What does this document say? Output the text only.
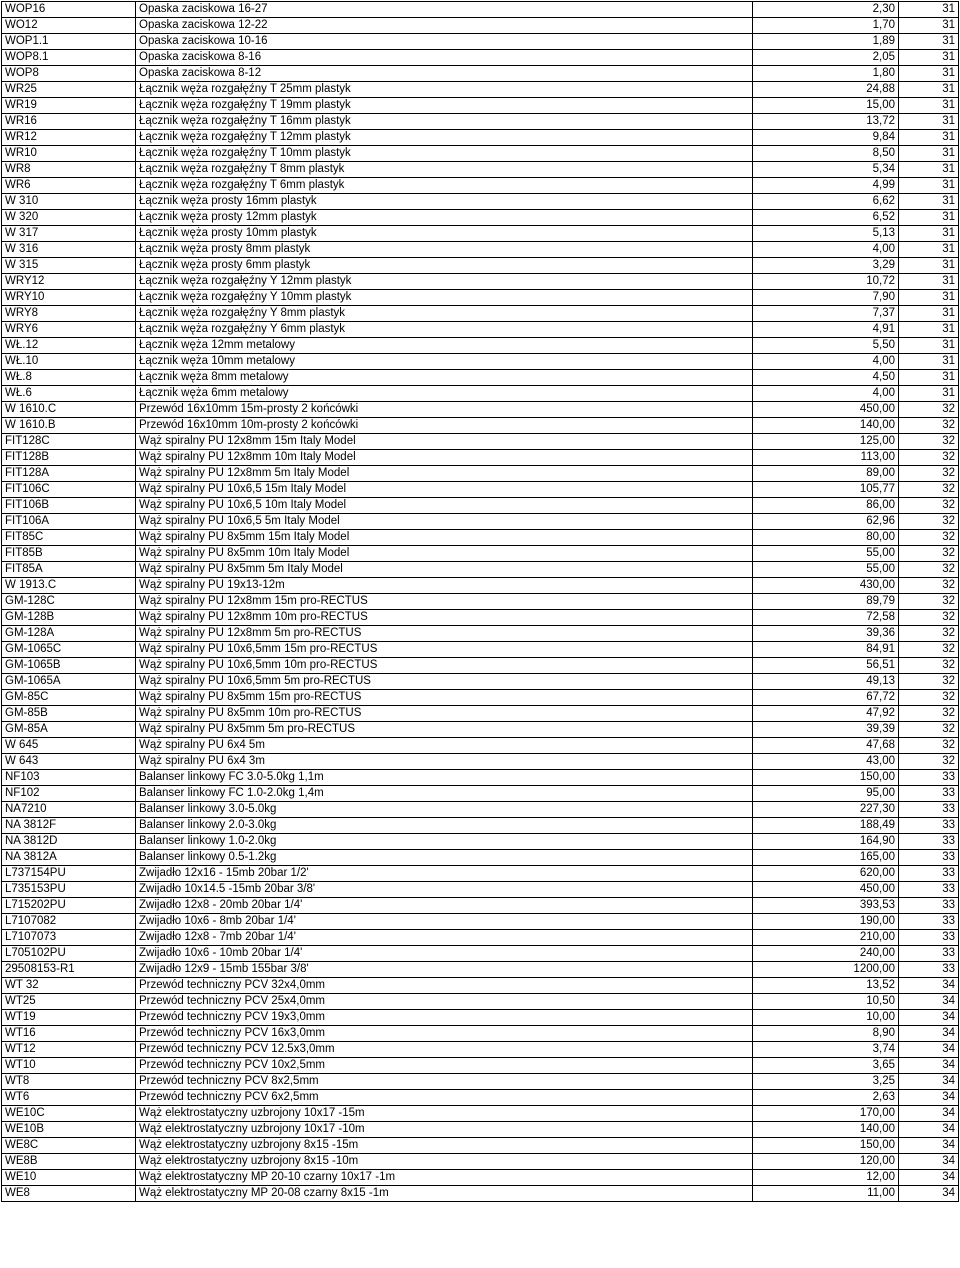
WOP16	Opaska zaciskowa 16-27	2,30	31
WO12	Opaska zaciskowa 12-22	1,70	31
WOP1.1	Opaska zaciskowa 10-16	1,89	31
WOP8.1	Opaska zaciskowa 8-16	2,05	31
WOP8	Opaska zaciskowa 8-12	1,80	31
WR25	Łącznik węża rozgałęźny T 25mm plastyk	24,88	31
WR19	Łącznik węża rozgałęźny T 19mm plastyk	15,00	31
WR16	Łącznik węża rozgałęźny T 16mm plastyk	13,72	31
WR12	Łącznik węża rozgałęźny T 12mm plastyk	9,84	31
WR10	Łącznik węża rozgałęźny T 10mm plastyk	8,50	31
WR8	Łącznik węża rozgałęźny T 8mm plastyk	5,34	31
WR6	Łącznik węża rozgałęźny T 6mm plastyk	4,99	31
W 310	Łącznik węża prosty 16mm plastyk	6,62	31
W 320	Łącznik węża prosty 12mm plastyk	6,52	31
W 317	Łącznik węża prosty 10mm plastyk	5,13	31
W 316	Łącznik węża prosty 8mm plastyk	4,00	31
W 315	Łącznik węża prosty 6mm plastyk	3,29	31
WRY12	Łącznik węża rozgałęźny Y 12mm plastyk	10,72	31
WRY10	Łącznik węża rozgałęźny Y 10mm plastyk	7,90	31
WRY8	Łącznik węża rozgałęźny Y 8mm plastyk	7,37	31
WRY6	Łącznik węża rozgałęźny Y 6mm plastyk	4,91	31
WŁ.12	Łącznik węża 12mm metalowy	5,50	31
WŁ.10	Łącznik węża 10mm metalowy	4,00	31
WŁ.8	Łącznik węża 8mm metalowy	4,50	31
WŁ.6	Łącznik węża 6mm metalowy	4,00	31
W 1610.C	Przewód 16x10mm 15m-prosty 2 końcówki	450,00	32
W 1610.B	Przewód 16x10mm 10m-prosty 2 końcówki	140,00	32
FIT128C	Wąż spiralny PU 12x8mm 15m Italy Model	125,00	32
FIT128B	Wąż spiralny PU 12x8mm 10m Italy Model	113,00	32
FIT128A	Wąż spiralny PU 12x8mm 5m Italy Model	89,00	32
FIT106C	Wąż spiralny PU 10x6,5 15m Italy Model	105,77	32
FIT106B	Wąż spiralny PU 10x6,5 10m Italy Model	86,00	32
FIT106A	Wąż spiralny PU 10x6,5 5m Italy Model	62,96	32
FIT85C	Wąż spiralny PU 8x5mm 15m Italy Model	80,00	32
FIT85B	Wąż spiralny PU 8x5mm 10m Italy Model	55,00	32
FIT85A	Wąż spiralny PU 8x5mm 5m Italy Model	55,00	32
W 1913.C	Wąż spiralny PU 19x13-12m	430,00	32
GM-128C	Wąż spiralny PU 12x8mm 15m pro-RECTUS	89,79	32
GM-128B	Wąż spiralny PU 12x8mm 10m pro-RECTUS	72,58	32
GM-128A	Wąż spiralny PU 12x8mm 5m pro-RECTUS	39,36	32
GM-1065C	Wąż spiralny PU 10x6,5mm 15m pro-RECTUS	84,91	32
GM-1065B	Wąż spiralny PU 10x6,5mm 10m pro-RECTUS	56,51	32
GM-1065A	Wąż spiralny PU 10x6,5mm 5m pro-RECTUS	49,13	32
GM-85C	Wąż spiralny PU 8x5mm 15m pro-RECTUS	67,72	32
GM-85B	Wąż spiralny PU 8x5mm 10m pro-RECTUS	47,92	32
GM-85A	Wąż spiralny PU 8x5mm 5m pro-RECTUS	39,39	32
W 645	Wąż spiralny PU 6x4 5m	47,68	32
W 643	Wąż spiralny PU 6x4 3m	43,00	32
NF103	Balanser linkowy FC 3.0-5.0kg 1,1m	150,00	33
NF102	Balanser linkowy FC 1.0-2.0kg 1,4m	95,00	33
NA7210	Balanser linkowy 3.0-5.0kg	227,30	33
NA 3812F	Balanser linkowy 2.0-3.0kg	188,49	33
NA 3812D	Balanser linkowy 1.0-2.0kg	164,90	33
NA 3812A	Balanser linkowy 0.5-1.2kg	165,00	33
L737154PU	Zwijadło 12x16 - 15mb 20bar 1/2'	620,00	33
L735153PU	Zwijadło 10x14.5 -15mb 20bar 3/8'	450,00	33
L715202PU	Zwijadło 12x8 - 20mb 20bar 1/4'	393,53	33
L7107082	Zwijadło 10x6 - 8mb 20bar 1/4'	190,00	33
L7107073	Zwijadło 12x8 - 7mb 20bar 1/4'	210,00	33
L705102PU	Zwijadło 10x6 - 10mb 20bar 1/4'	240,00	33
29508153-R1	Zwijadło 12x9 - 15mb 155bar 3/8'	1200,00	33
WT 32	Przewód techniczny PCV 32x4,0mm	13,52	34
WT25	Przewód techniczny PCV 25x4,0mm	10,50	34
WT19	Przewód techniczny PCV 19x3,0mm	10,00	34
WT16	Przewód techniczny PCV 16x3,0mm	8,90	34
WT12	Przewód techniczny PCV 12.5x3,0mm	3,74	34
WT10	Przewód techniczny PCV 10x2,5mm	3,65	34
WT8	Przewód techniczny PCV 8x2,5mm	3,25	34
WT6	Przewód techniczny PCV 6x2,5mm	2,63	34
WE10C	Wąż elektrostatyczny uzbrojony 10x17 -15m	170,00	34
WE10B	Wąż elektrostatyczny uzbrojony 10x17 -10m	140,00	34
WE8C	Wąż elektrostatyczny uzbrojony 8x15 -15m	150,00	34
WE8B	Wąż elektrostatyczny uzbrojony 8x15 -10m	120,00	34
WE10	Wąż elektrostatyczny MP 20-10 czarny 10x17 -1m	12,00	34
WE8	Wąż elektrostatyczny MP 20-08 czarny 8x15 -1m	11,00	34
